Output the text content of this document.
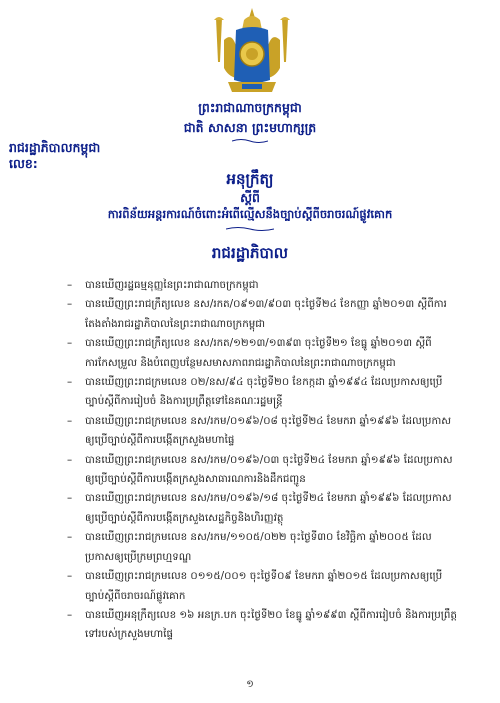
ព្រះរាជាណាចក្រកម្ពុជា
ជាតិ សាសនា ព្រះមហាក្សត្រ
រាជរដ្ឋាភិបាលកម្ពុជា
លេខ:
អនុក្រឹត្យ
ស្តីពី
ការពិន័យអន្តរការណ៍ចំពោះអំពើល្មើសនឹងច្បាប់ស្តីពីចរាចរណ៍ផ្លូវគោក
រាជរដ្ឋាភិបាល
– បានឃើញរដ្ឋធម្មនុញ្ញនៃព្រះរាជាណាចក្រកម្ពុជា
– បានឃើញព្រះរាជក្រឹត្យលេខ នស/រកត/០៩១៣/៩០៣ ចុះថ្ងៃទី២៤ ខែកញ្ញា ឆ្នាំ២០១៣ ស្តីពីការតែងតាំងរាជរដ្ឋាភិបាលនៃព្រះរាជាណាចក្រកម្ពុជា
– បានឃើញព្រះរាជក្រឹត្យលេខ នស/រកត/១២១៣/១៣៩៣ ចុះថ្ងៃទី២១ ខែធ្នូ ឆ្នាំ២០១៣ ស្តីពីការកែសម្រួល និងបំពេញបន្ថែមសមាសភាពរាជរដ្ឋាភិបាលនៃព្រះរាជាណាចក្រកម្ពុជា
– បានឃើញព្រះរាជក្រមលេខ ០២/នស/៩៤ ចុះថ្ងៃទី២០ ខែកក្កដា ឆ្នាំ១៩៩៤ ដែលប្រកាសឲ្យប្រើច្បាប់ស្តីពីការរៀបចំ និងការប្រព្រឹត្តទៅនៃគណៈរដ្ឋមន្ត្រី
– បានឃើញព្រះរាជក្រមលេខ នស/រកម/០១៩៦/០៨ ចុះថ្ងៃទី២៤ ខែមករា ឆ្នាំ១៩៩៦ ដែលប្រកាសឲ្យប្រើច្បាប់ស្តីពីការបង្កើតក្រសួងមហាផ្ទៃ
– បានឃើញព្រះរាជក្រមលេខ នស/រកម/០១៩៦/០៣ ចុះថ្ងៃទី២៤ ខែមករា ឆ្នាំ១៩៩៦ ដែលប្រកាសឲ្យប្រើច្បាប់ស្តីពីការបង្កើតក្រសួងសាធារណការនិងដឹកជញ្ជូន
– បានឃើញព្រះរាជក្រមលេខ នស/រកម/០១៩៦/១៨ ចុះថ្ងៃទី២៤ ខែមករា ឆ្នាំ១៩៩៦ ដែលប្រកាសឲ្យប្រើច្បាប់ស្តីពីការបង្កើតក្រសួងសេដ្ឋកិច្ចនិងហិរញ្ញវត្ថុ
– បានឃើញព្រះរាជក្រមលេខ នស/រកម/១១០៥/០២២ ចុះថ្ងៃទី៣០ ខែវិច្ឆិកា ឆ្នាំ២០០៥ ដែលប្រកាសឲ្យប្រើក្រមព្រហ្មទណ្ឌ
– បានឃើញព្រះរាជក្រមលេខ ០១១៥/០០១ ចុះថ្ងៃទី០៩ ខែមករា ឆ្នាំ២០១៥ ដែលប្រកាសឲ្យប្រើច្បាប់ស្តីពីចរាចរណ៍ផ្លូវគោក
– បានឃើញអនុក្រឹត្យលេខ ១៦ អនក្រ.បក ចុះថ្ងៃទី២០ ខែធ្នូ ឆ្នាំ១៩៩៣ ស្តីពីការរៀបចំ និងការប្រព្រឹត្តទៅរបស់ក្រសួងមហាផ្ទៃ
១
